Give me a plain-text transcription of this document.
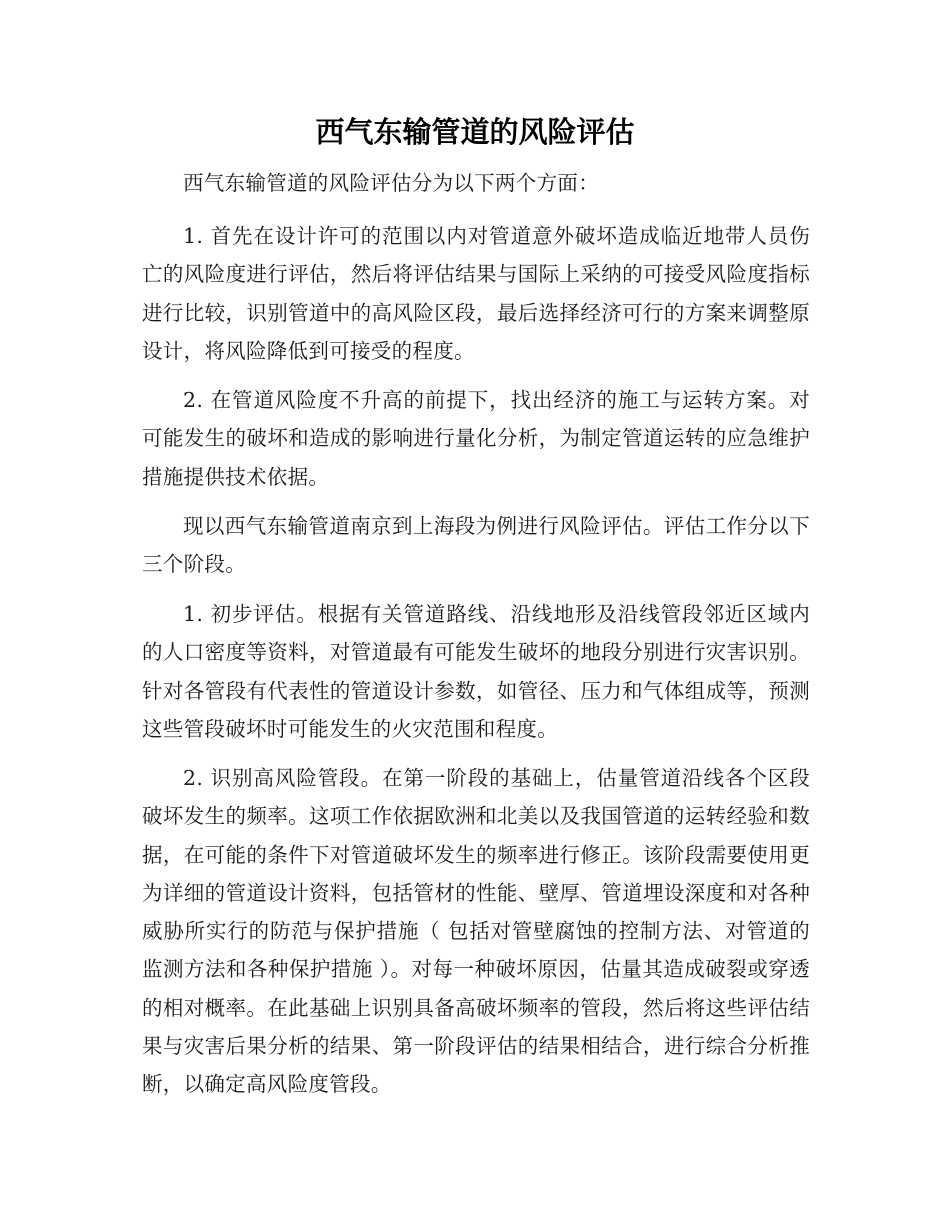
西气东输管道的风险评估

西气东输管道的风险评估分为以下两个方面：

1. 首先在设计许可的范围以内对管道意外破坏造成临近地带人员伤亡的风险度进行评估，然后将评估结果与国际上采纳的可接受风险度指标进行比较，识别管道中的高风险区段，最后选择经济可行的方案来调整原设计，将风险降低到可接受的程度。

2. 在管道风险度不升高的前提下，找出经济的施工与运转方案。对可能发生的破坏和造成的影响进行量化分析，为制定管道运转的应急维护措施提供技术依据。

现以西气东输管道南京到上海段为例进行风险评估。评估工作分以下三个阶段。

1. 初步评估。根据有关管道路线、沿线地形及沿线管段邻近区域内的人口密度等资料，对管道最有可能发生破坏的地段分别进行灾害识别。针对各管段有代表性的管道设计参数，如管径、压力和气体组成等，预测这些管段破坏时可能发生的火灾范围和程度。

2. 识别高风险管段。在第一阶段的基础上，估量管道沿线各个区段破坏发生的频率。这项工作依据欧洲和北美以及我国管道的运转经验和数据，在可能的条件下对管道破坏发生的频率进行修正。该阶段需要使用更为详细的管道设计资料，包括管材的性能、壁厚、管道埋设深度和对各种威胁所实行的防范与保护措施（ 包括对管壁腐蚀的控制方法、对管道的监测方法和各种保护措施 ）。对每一种破坏原因，估量其造成破裂或穿透的相对概率。在此基础上识别具备高破坏频率的管段，然后将这些评估结果与灾害后果分析的结果、第一阶段评估的结果相结合，进行综合分析推断，以确定高风险度管段。
